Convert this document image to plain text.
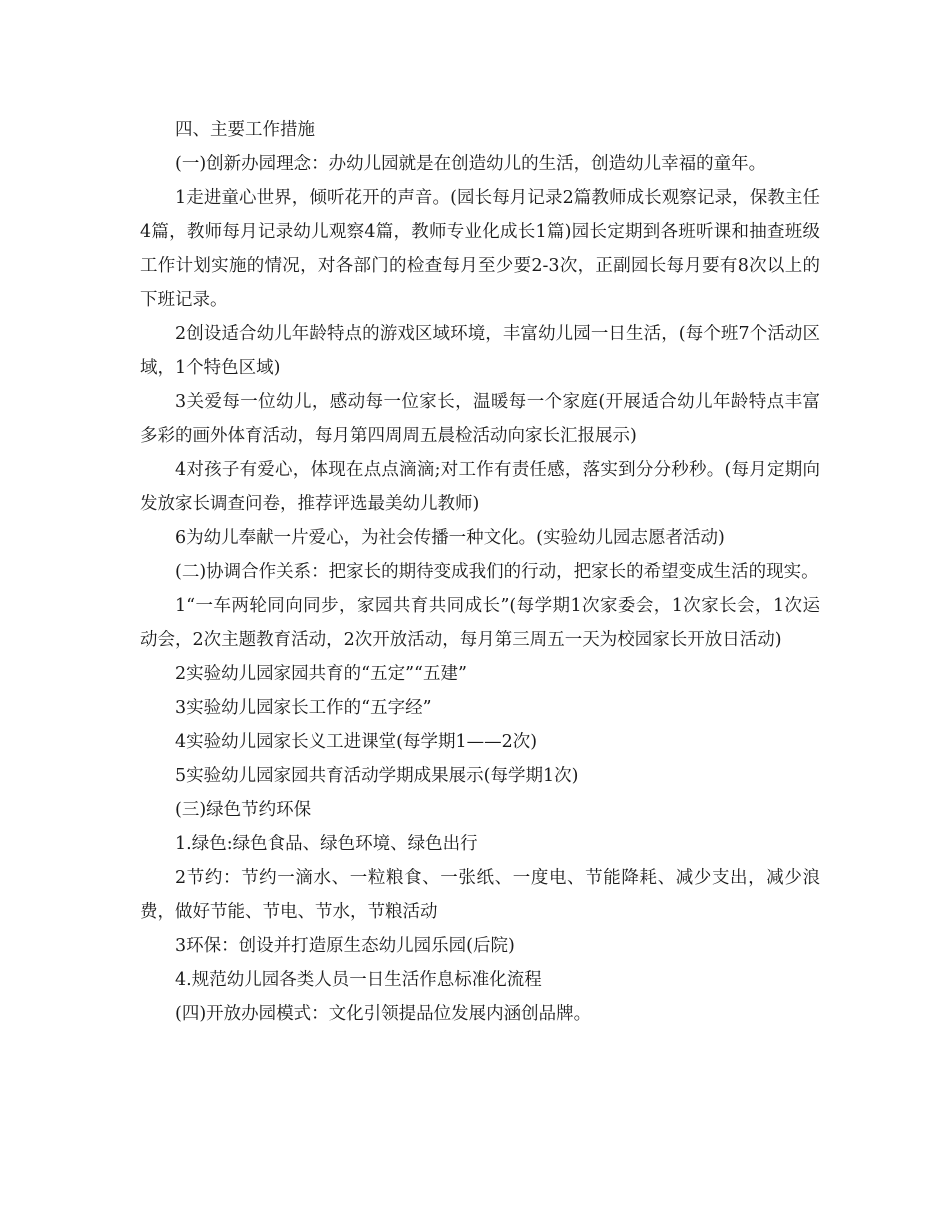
四、主要工作措施

(一)创新办园理念：办幼儿园就是在创造幼儿的生活，创造幼儿幸福的童年。

1走进童心世界，倾听花开的声音。(园长每月记录2篇教师成长观察记录，保教主任4篇，教师每月记录幼儿观察4篇，教师专业化成长1篇)园长定期到各班听课和抽查班级工作计划实施的情况，对各部门的检查每月至少要2-3次，正副园长每月要有8次以上的下班记录。

2创设适合幼儿年龄特点的游戏区域环境，丰富幼儿园一日生活，(每个班7个活动区域，1个特色区域)

3关爱每一位幼儿，感动每一位家长，温暖每一个家庭(开展适合幼儿年龄特点丰富多彩的画外体育活动，每月第四周周五晨检活动向家长汇报展示)

4对孩子有爱心，体现在点点滴滴;对工作有责任感，落实到分分秒秒。(每月定期向发放家长调查问卷，推荐评选最美幼儿教师)

6为幼儿奉献一片爱心，为社会传播一种文化。(实验幼儿园志愿者活动)

(二)协调合作关系：把家长的期待变成我们的行动，把家长的希望变成生活的现实。

1“一车两轮同向同步，家园共育共同成长”(每学期1次家委会，1次家长会，1次运动会，2次主题教育活动，2次开放活动，每月第三周五一天为校园家长开放日活动)

2实验幼儿园家园共育的“五定”“五建”

3实验幼儿园家长工作的“五字经”

4实验幼儿园家长义工进课堂(每学期1——2次)

5实验幼儿园家园共育活动学期成果展示(每学期1次)

(三)绿色节约环保

1.绿色:绿色食品、绿色环境、绿色出行

2节约：节约一滴水、一粒粮食、一张纸、一度电、节能降耗、减少支出，减少浪费，做好节能、节电、节水，节粮活动

3环保：创设并打造原生态幼儿园乐园(后院)

4.规范幼儿园各类人员一日生活作息标准化流程

(四)开放办园模式：文化引领提品位发展内涵创品牌。
